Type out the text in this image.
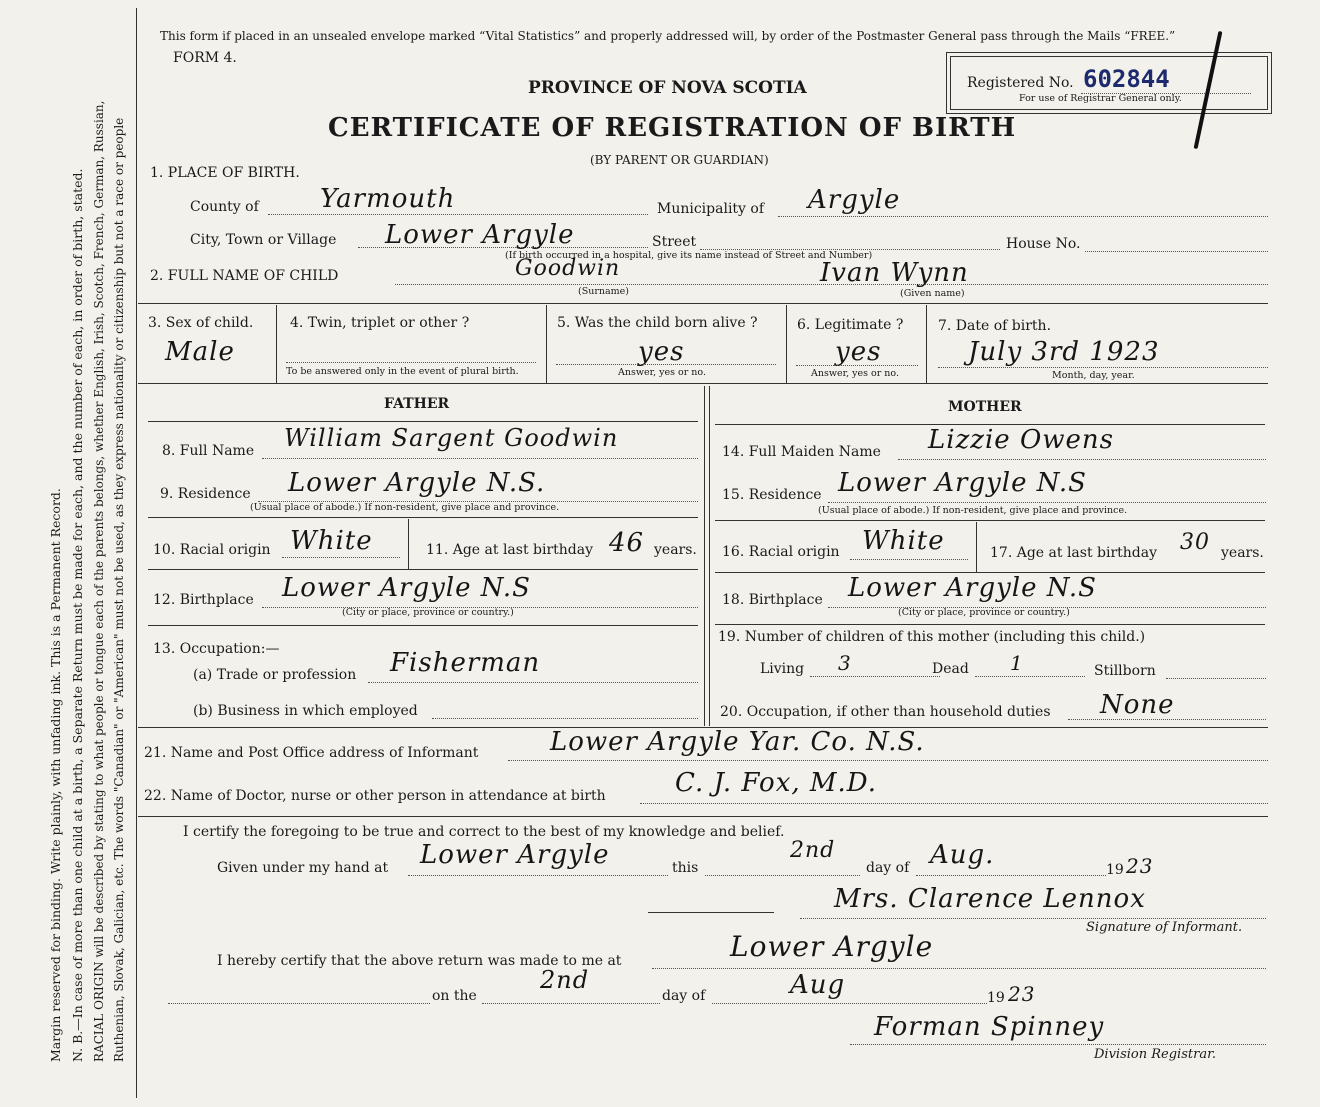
Margin reserved for binding. Write plainly, with unfading ink. This is a Permanent Record. N. B.—In case of more than one child at a birth, a Separate Return must be made for each, and the number of each, in order of birth, stated. RACIAL ORIGIN will be described by stating to what people or tongue each of the parents belongs, whether English, Irish, Scotch, French, German, Russian, Ruthenian, Slovak, Galician, etc. The words "Canadian" or "American" must not be used, as they express nationality or citizenship but not a race or people
This form if placed in an unsealed envelope marked “Vital Statistics” and properly addressed will, by order of the Postmaster General pass through the Mails “FREE.”
FORM 4.
PROVINCE OF NOVA SCOTIA
CERTIFICATE OF REGISTRATION OF BIRTH
(BY PARENT OR GUARDIAN)
Registered No. 602844
For use of Registrar General only.
1. PLACE OF BIRTH.
County of Yarmouth	Municipality of Argyle
City, Town or Village Lower Argyle	Street
(If birth occurred in a hospital, give its name instead of Street and Number)
House No.
2. FULL NAME OF CHILD	Goodwin
(Surname)
Ivan Wynn
(Given name)
3. Sex of child.
Male
4. Twin, triplet or other ?
To be answered only in the event of plural birth.
5. Was the child born alive ?
yes
Answer, yes or no.
6. Legitimate ?
yes
Answer, yes or no.
7. Date of birth.
July 3rd 1923
Month, day, year.
FATHER	MOTHER
8. Full Name William Sargent Goodwin
9. Residence Lower Argyle N.S.
(Usual place of abode.) If non-resident, give place and province.
10. Racial origin White	11. Age at last birthday 46 years.
12. Birthplace Lower Argyle N.S
(City or place, province or country.)
13. Occupation:—
(a) Trade or profession Fisherman
(b) Business in which employed
14. Full Maiden Name Lizzie Owens
15. Residence Lower Argyle N.S
(Usual place of abode.) If non-resident, give place and province.
16. Racial origin White	17. Age at last birthday 30 years.
18. Birthplace Lower Argyle N.S
(City or place, province or country.)
19. Number of children of this mother (including this child.)
Living 3	Dead 1	Stillborn
20. Occupation, if other than household duties None
21. Name and Post Office address of Informant	Lower Argyle Yar. Co. N.S.
22. Name of Doctor, nurse or other person in attendance at birth	C. J. Fox, M.D.
I certify the foregoing to be true and correct to the best of my knowledge and belief.
Given under my hand at Lower Argyle	this
2nd
day of Aug.	19 23
Mrs. Clarence Lennox
Signature of Informant.
I hereby certify that the above return was made to me at	Lower Argyle
on the
2nd
day of	Aug	19 23
Forman Spinney
Division Registrar.
